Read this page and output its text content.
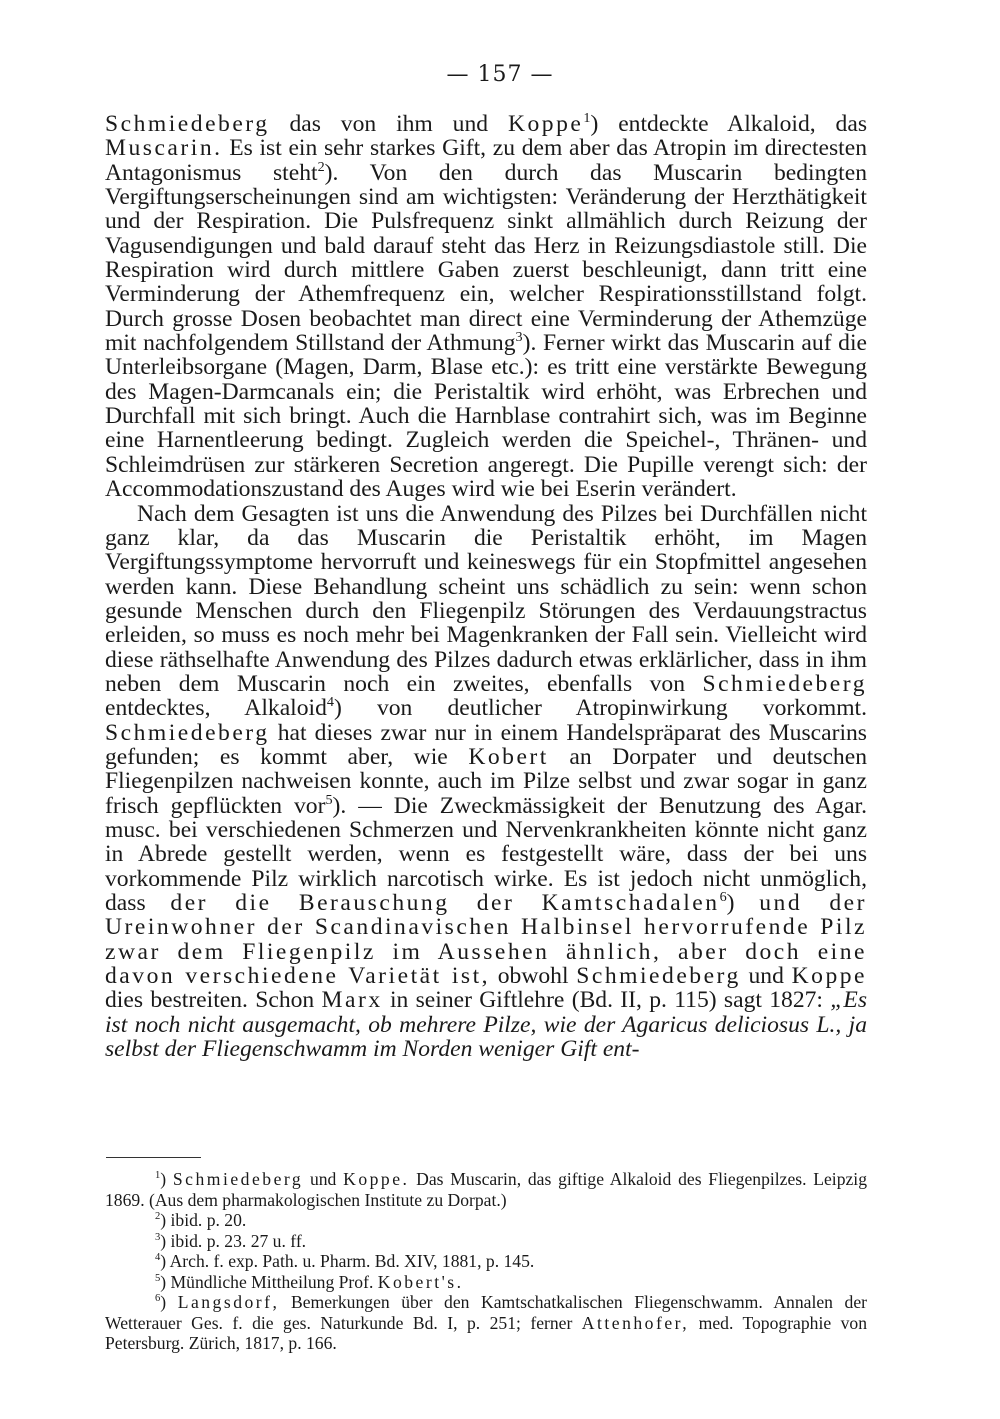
— 157 —

Schmiedeberg das von ihm und Koppe$^1$) entdeckte Alkaloid, das Muscarin. Es ist ein sehr starkes Gift, zu dem aber das Atropin im directesten Antagonismus steht$^2$). Von den durch das Muscarin bedingten Vergiftungserscheinungen sind am wichtigsten: Veränderung der Herzthätigkeit und der Respiration. Die Pulsfrequenz sinkt allmählich durch Reizung der Vagusendigungen und bald darauf steht das Herz in Reizungsdiastole still. Die Respiration wird durch mittlere Gaben zuerst beschleunigt, dann tritt eine Verminderung der Athemfrequenz ein, welcher Respirationsstillstand folgt. Durch grosse Dosen beobachtet man direct eine Verminderung der Athemzüge mit nachfolgendem Stillstand der Athmung$^3$). Ferner wirkt das Muscarin auf die Unterleibsorgane (Magen, Darm, Blase etc.): es tritt eine verstärkte Bewegung des Magen-Darmcanals ein; die Peristaltik wird erhöht, was Erbrechen und Durchfall mit sich bringt. Auch die Harnblase contrahirt sich, was im Beginne eine Harnentleerung bedingt. Zugleich werden die Speichel-, Thränen- und Schleimdrüsen zur stärkeren Secretion angeregt. Die Pupille verengt sich: der Accommodationszustand des Auges wird wie bei Eserin verändert.

Nach dem Gesagten ist uns die Anwendung des Pilzes bei Durchfällen nicht ganz klar, da das Muscarin die Peristaltik erhöht, im Magen Vergiftungssymptome hervorruft und keineswegs für ein Stopfmittel angesehen werden kann. Diese Behandlung scheint uns schädlich zu sein: wenn schon gesunde Menschen durch den Fliegenpilz Störungen des Verdauungstractus erleiden, so muss es noch mehr bei Magenkranken der Fall sein. Vielleicht wird diese räthselhafte Anwendung des Pilzes dadurch etwas erklärlicher, dass in ihm neben dem Muscarin noch ein zweites, ebenfalls von Schmiedeberg entdecktes, Alkaloid$^4$) von deutlicher Atropinwirkung vorkommt. Schmiedeberg hat dieses zwar nur in einem Handelspräparat des Muscarins gefunden; es kommt aber, wie Kobert an Dorpater und deutschen Fliegenpilzen nachweisen konnte, auch im Pilze selbst und zwar sogar in ganz frisch gepflückten vor$^5$). — Die Zweckmässigkeit der Benutzung des Agar. musc. bei verschiedenen Schmerzen und Nervenkrankheiten könnte nicht ganz in Abrede gestellt werden, wenn es festgestellt wäre, dass der bei uns vorkommende Pilz wirklich narcotisch wirke. Es ist jedoch nicht unmöglich, dass der die Berauschung der Kamtschadalen$^6$) und der Ureinwohner der Scandinavischen Halbinsel hervorrufende Pilz zwar dem Fliegenpilz im Aussehen ähnlich, aber doch eine davon verschiedene Varietät ist, obwohl Schmiedeberg und Koppe dies bestreiten. Schon Marx in seiner Giftlehre (Bd. II, p. 115) sagt 1827: „Es ist noch nicht ausgemacht, ob mehrere Pilze, wie der Agaricus deliciosus L., ja selbst der Fliegenschwamm im Norden weniger Gift ent-

$^1$) Schmiedeberg und Koppe. Das Muscarin, das giftige Alkaloid des Fliegenpilzes. Leipzig 1869. (Aus dem pharmakologischen Institute zu Dorpat.)

$^2$) ibid. p. 20.

$^3$) ibid. p. 23. 27 u. ff.

$^4$) Arch. f. exp. Path. u. Pharm. Bd. XIV, 1881, p. 145.

$^5$) Mündliche Mittheilung Prof. Kobert's.

$^6$) Langsdorf, Bemerkungen über den Kamtschatkalischen Fliegenschwamm. Annalen der Wetterauer Ges. f. die ges. Naturkunde Bd. I, p. 251; ferner Attenhofer, med. Topographie von Petersburg. Zürich, 1817, p. 166.
